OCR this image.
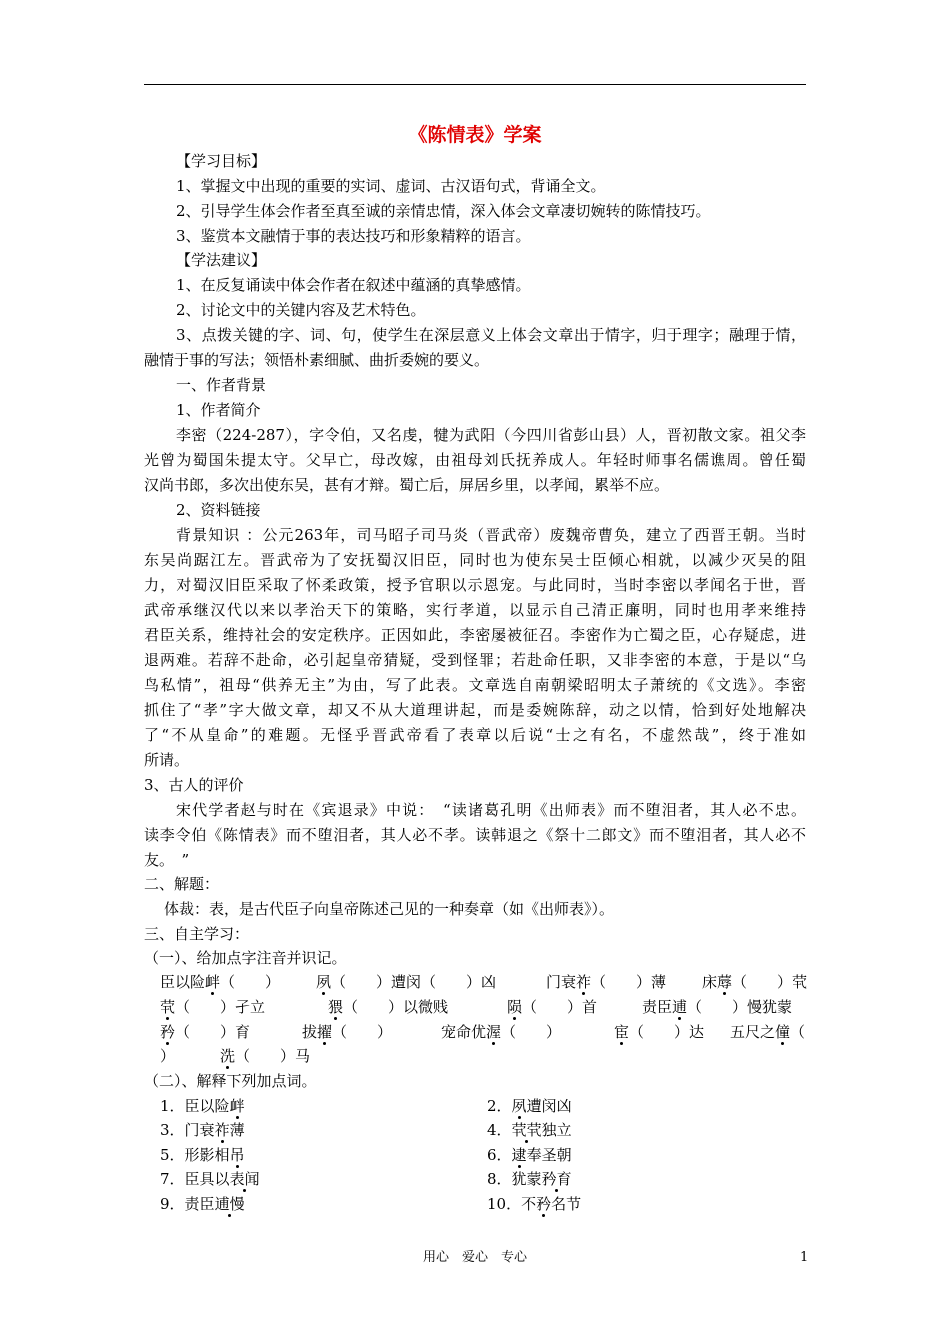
《陈情表》学案
【学习目标】
1、掌握文中出现的重要的实词、虚词、古汉语句式，背诵全文。
2、引导学生体会作者至真至诚的亲情忠情，深入体会文章凄切婉转的陈情技巧。
3、鉴赏本文融情于事的表达技巧和形象精粹的语言。
【学法建议】
1、在反复诵读中体会作者在叙述中蕴涵的真挚感情。
2、讨论文中的关键内容及艺术特色。
3、点拨关键的字、词、句，使学生在深层意义上体会文章出于情字，归于理字；融理于情，
融情于事的写法；领悟朴素细腻、曲折委婉的要义。
一、作者背景
1、作者简介
李密（224-287），字令伯，又名虔，犍为武阳（今四川省彭山县）人，晋初散文家。祖父李
光曾为蜀国朱提太守。父早亡，母改嫁，由祖母刘氏抚养成人。年轻时师事名儒谯周。曾任蜀
汉尚书郎，多次出使东吴，甚有才辩。蜀亡后，屏居乡里，以孝闻，累举不应。
2、资料链接
背景知识 ：公元263年，司马昭子司马炎（晋武帝）废魏帝曹奂，建立了西晋王朝。当时
东吴尚踞江左。晋武帝为了安抚蜀汉旧臣，同时也为使东吴士臣倾心相就，以减少灭吴的阻
力，对蜀汉旧臣采取了怀柔政策，授予官职以示恩宠。与此同时，当时李密以孝闻名于世，晋
武帝承继汉代以来以孝治天下的策略，实行孝道，以显示自己清正廉明，同时也用孝来维持
君臣关系，维持社会的安定秩序。正因如此，李密屡被征召。李密作为亡蜀之臣，心存疑虑，进
退两难。若辞不赴命，必引起皇帝猜疑，受到怪罪；若赴命任职，又非李密的本意，于是以“乌
鸟私情”，祖母“供养无主”为由，写了此表。文章选自南朝梁昭明太子萧统的《文选》。李密
抓住了“孝”字大做文章，却又不从大道理讲起，而是委婉陈辞，动之以情，恰到好处地解决
了“不从皇命”的难题。无怪乎晋武帝看了表章以后说“士之有名，不虚然哉”，终于准如
所请。
3、古人的评价
宋代学者赵与时在《宾退录》中说：　“读诸葛孔明《出师表》而不堕泪者，其人必不忠。
读李令伯《陈情表》而不堕泪者，其人必不孝。读韩退之《祭十二郎文》而不堕泪者，其人必不
友。　”
二、解题：
体裁：表，是古代臣子向皇帝陈述己见的一种奏章（如《出师表》）。
三、自主学习：
（一）、给加点字注音并识记。
臣以险衅（　　） 夙（　　）遭闵（　　）凶	门衰祚（　　）薄 床蓐（　　）茕
茕（　　）孑立	猥（　　）以微贱	陨（　　）首	责臣逋（　　）慢犹蒙
矜（　　）育	拔擢（　　）	宠命优渥（　　）	宦（　　）达 五尺之僮（
）	洗（　　）马
（二）、解释下列加点词。
1．臣以险衅	2．夙遭闵凶
3．门衰祚薄	4．茕茕独立
5．形影相吊	6．逮奉圣朝
7．臣具以表闻	8．犹蒙矜育
9．责臣逋慢	10．不矜名节
用心　爱心　专心	1
